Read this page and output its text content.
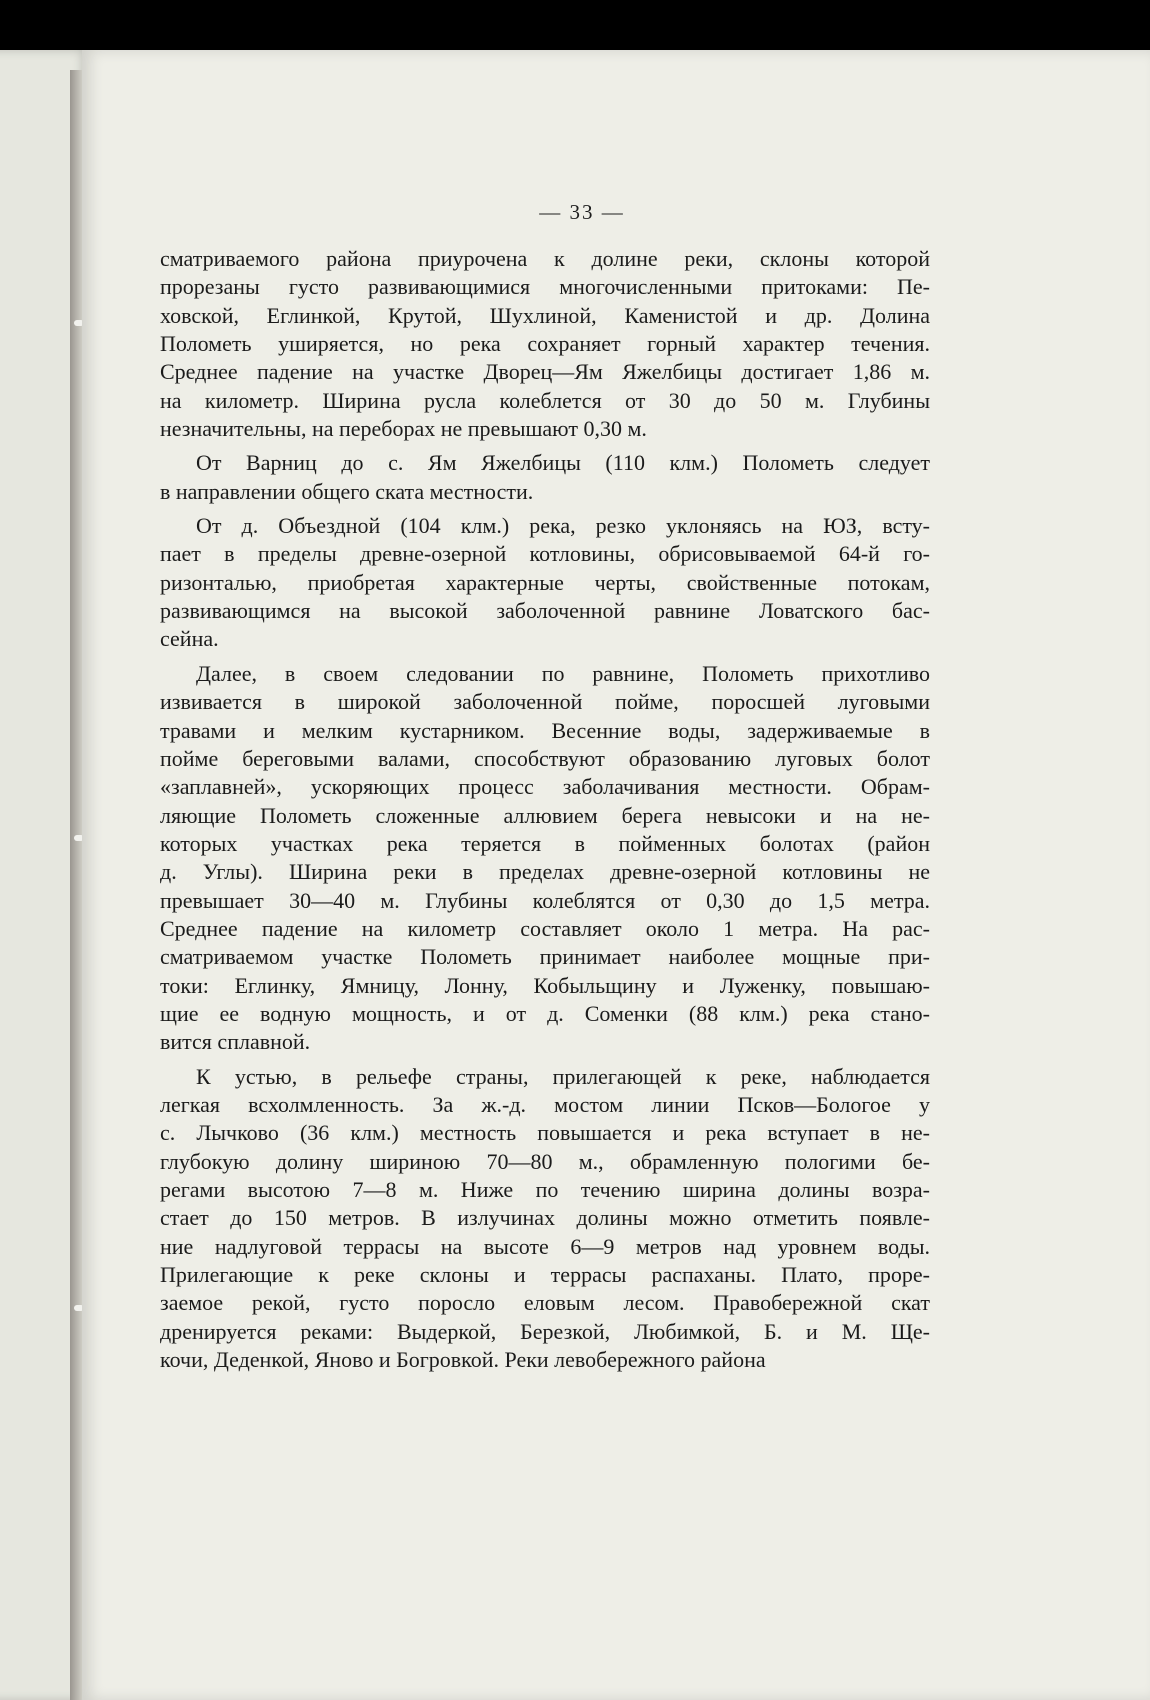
— 33 —

сматриваемого района приурочена к долине реки, склоны которой
прорезаны густо развивающимися многочисленными притоками: Пе-
ховской, Еглинкой, Крутой, Шухлиной, Каменистой и др. Долина
Полометь уширяется, но река сохраняет горный характер течения.
Среднее падение на участке Дворец—Ям Яжелбицы достигает 1,86 м.
на километр. Ширина русла колеблется от 30 до 50 м. Глубины
незначительны, на переборах не превышают 0,30 м.

От Варниц до с. Ям Яжелбицы (110 клм.) Полометь следует
в направлении общего ската местности.

От д. Объездной (104 клм.) река, резко уклоняясь на ЮЗ, всту-
пает в пределы древне-озерной котловины, обрисовываемой 64-й го-
ризонталью, приобретая характерные черты, свойственные потокам,
развивающимся на высокой заболоченной равнине Ловатского бас-
сейна.

Далее, в своем следовании по равнине, Полометь прихотливо
извивается в широкой заболоченной пойме, поросшей луговыми
травами и мелким кустарником. Весенние воды, задерживаемые в
пойме береговыми валами, способствуют образованию луговых болот
«заплавней», ускоряющих процесс заболачивания местности. Обрам-
ляющие Полометь сложенные аллювием берега невысоки и на не-
которых участках река теряется в пойменных болотах (район
д. Углы). Ширина реки в пределах древне-озерной котловины не
превышает 30—40 м. Глубины колеблятся от 0,30 до 1,5 метра.
Среднее падение на километр составляет около 1 метра. На рас-
сматриваемом участке Полометь принимает наиболее мощные при-
токи: Еглинку, Ямницу, Лонну, Кобыльщину и Луженку, повышаю-
щие ее водную мощность, и от д. Соменки (88 клм.) река стано-
вится сплавной.

К устью, в рельефе страны, прилегающей к реке, наблюдается
легкая всхолмленность. За ж.-д. мостом линии Псков—Бологое у
с. Лычково (36 клм.) местность повышается и река вступает в не-
глубокую долину шириною 70—80 м., обрамленную пологими бе-
регами высотою 7—8 м. Ниже по течению ширина долины возра-
стает до 150 метров. В излучинах долины можно отметить появле-
ние надлуговой террасы на высоте 6—9 метров над уровнем воды.
Прилегающие к реке склоны и террасы распаханы. Плато, проре-
заемое рекой, густо поросло еловым лесом. Правобережной скат
дренируется реками: Выдеркой, Березкой, Любимкой, Б. и М. Ще-
кочи, Деденкой, Яново и Богровкой. Реки левобережного района
